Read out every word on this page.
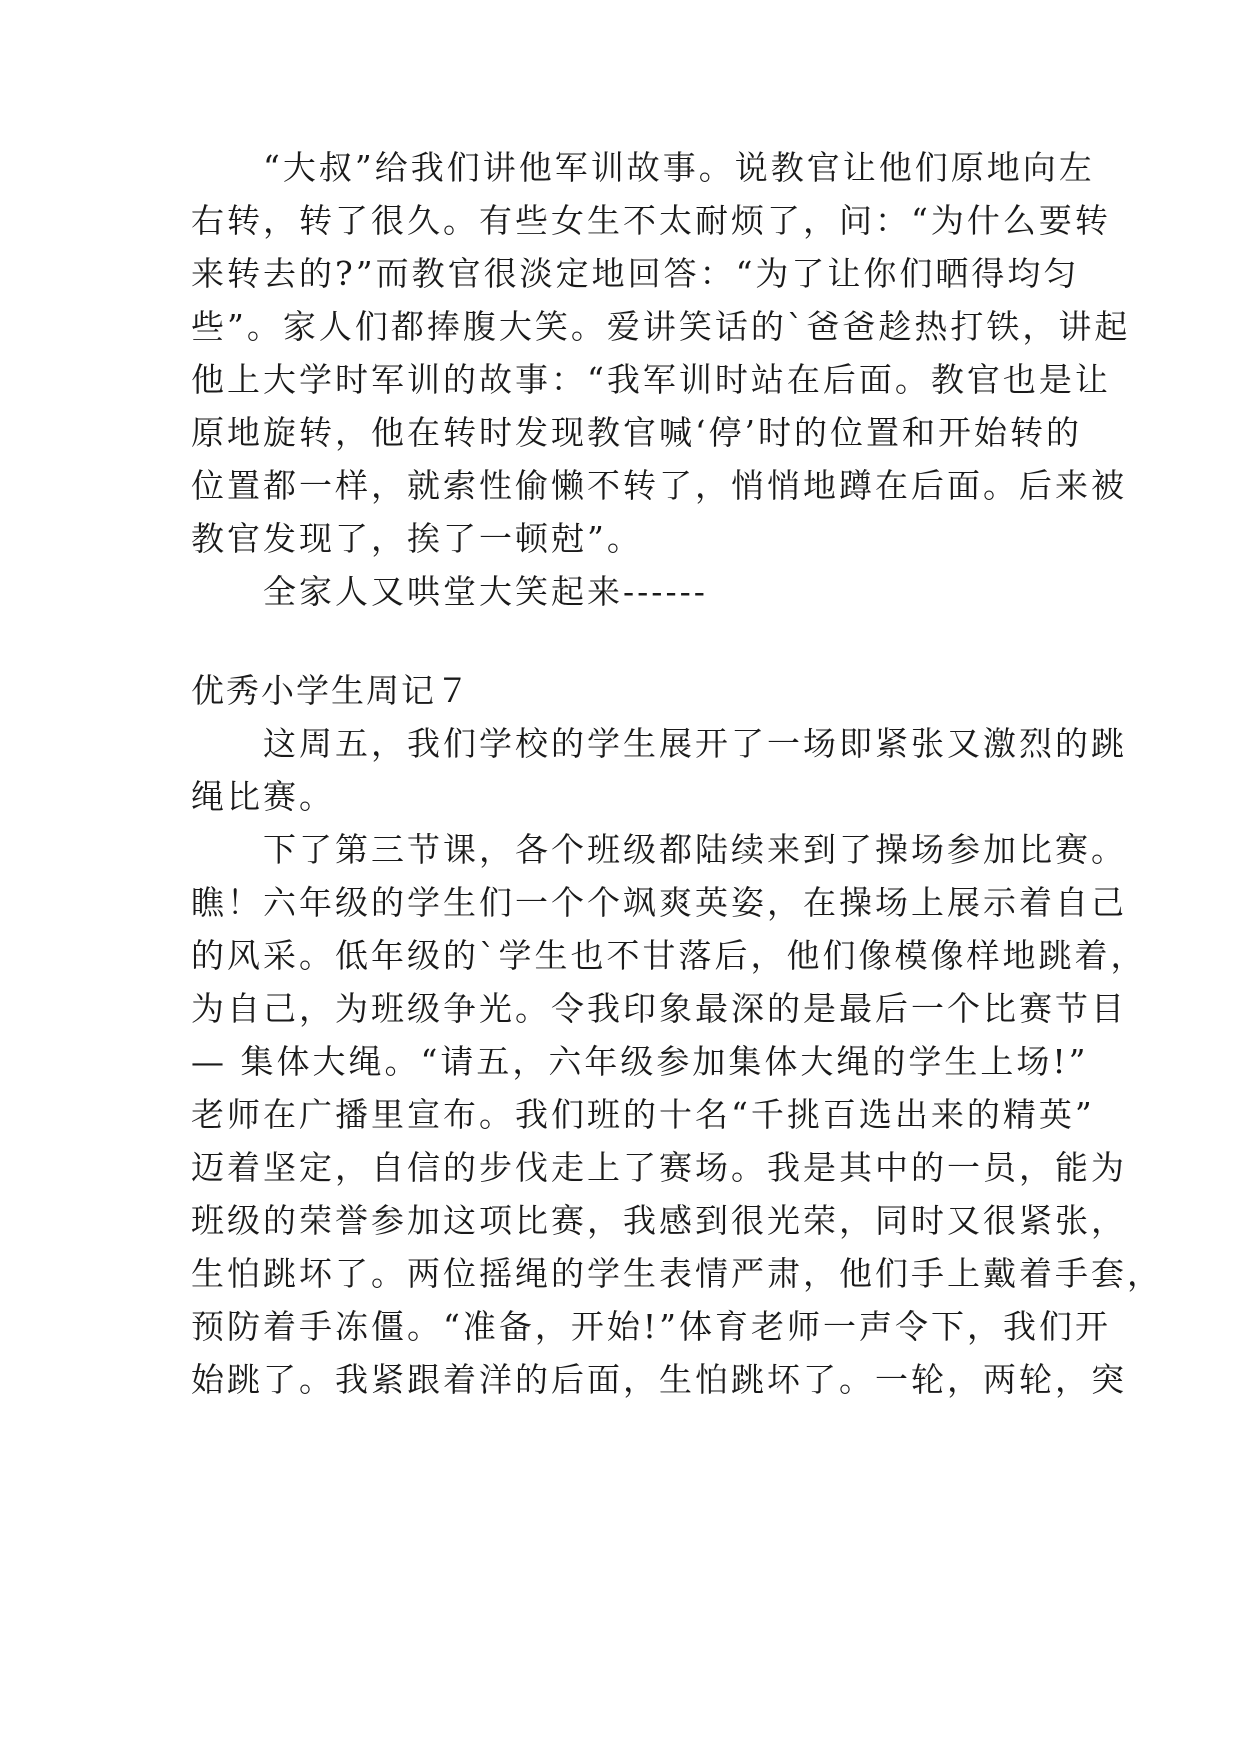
　　“大叔”给我们讲他军训故事。说教官让他们原地向左
右转，转了很久。有些女生不太耐烦了，问：“为什么要转
来转去的?”而教官很淡定地回答：“为了让你们晒得均匀
些”。家人们都捧腹大笑。爱讲笑话的`爸爸趁热打铁，讲起
他上大学时军训的故事：“我军训时站在后面。教官也是让
原地旋转，他在转时发现教官喊‘停’时的位置和开始转的
位置都一样，就索性偷懒不转了，悄悄地蹲在后面。后来被
教官发现了，挨了一顿尅”。
　　全家人又哄堂大笑起来------
优秀小学生周记７
　　这周五，我们学校的学生展开了一场即紧张又激烈的跳
绳比赛。
　　下了第三节课，各个班级都陆续来到了操场参加比赛。
瞧！六年级的学生们一个个飒爽英姿，在操场上展示着自己
的风采。低年级的`学生也不甘落后，他们像模像样地跳着，
为自己，为班级争光。令我印象最深的是最后一个比赛节目
— 集体大绳。“请五，六年级参加集体大绳的学生上场!”
老师在广播里宣布。我们班的十名“千挑百选出来的精英”
迈着坚定，自信的步伐走上了赛场。我是其中的一员，能为
班级的荣誉参加这项比赛，我感到很光荣，同时又很紧张，
生怕跳坏了。两位摇绳的学生表情严肃，他们手上戴着手套，
预防着手冻僵。“准备，开始!”体育老师一声令下，我们开
始跳了。我紧跟着洋的后面，生怕跳坏了。一轮，两轮，突
